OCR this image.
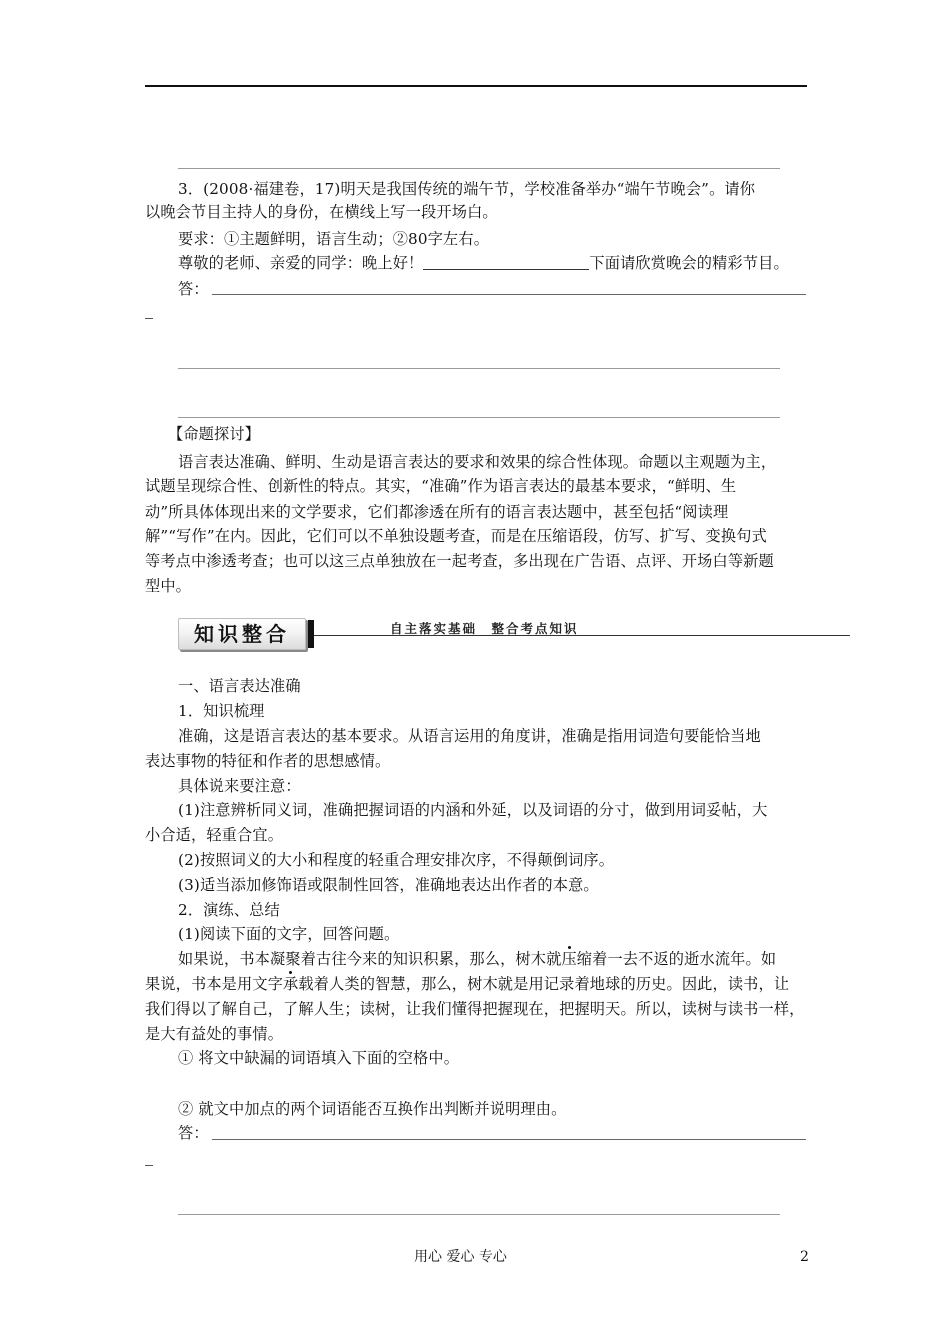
3．(2008·福建卷，17)明天是我国传统的端午节，学校准备举办“端午节晚会”。请你
以晚会节目主持人的身份，在横线上写一段开场白。
要求：①主题鲜明，语言生动；②80字左右。
尊敬的老师、亲爱的同学：晚上好！	下面请欣赏晚会的精彩节目。
答：
【命题探讨】
语言表达准确、鲜明、生动是语言表达的要求和效果的综合性体现。命题以主观题为主，
试题呈现综合性、创新性的特点。其实，“准确”作为语言表达的最基本要求，“鲜明、生
动”所具体体现出来的文学要求，它们都渗透在所有的语言表达题中，甚至包括“阅读理
解”“写作”在内。因此，它们可以不单独设题考查，而是在压缩语段，仿写、扩写、变换句式
等考点中渗透考查；也可以这三点单独放在一起考查，多出现在广告语、点评、开场白等新题
型中。
知识整合	自主落实基础　整合考点知识
一、语言表达准确
1．知识梳理
准确，这是语言表达的基本要求。从语言运用的角度讲，准确是指用词造句要能恰当地
表达事物的特征和作者的思想感情。
具体说来要注意：
(1)注意辨析同义词，准确把握词语的内涵和外延，以及词语的分寸，做到用词妥帖，大
小合适，轻重合宜。
(2)按照词义的大小和程度的轻重合理安排次序，不得颠倒词序。
(3)适当添加修饰语或限制性回答，准确地表达出作者的本意。
2．演练、总结
(1)阅读下面的文字，回答问题。
如果说，书本凝聚着古往今来的知识积累，那么，树木就压缩着一去不返的逝水流年。如
果说，书本是用文字承载着人类的智慧，那么，树木就是用记录着地球的历史。因此，读书，让
我们得以了解自己，了解人生；读树，让我们懂得把握现在，把握明天。所以，读树与读书一样，
是大有益处的事情。
① 将文中缺漏的词语填入下面的空格中。
② 就文中加点的两个词语能否互换作出判断并说明理由。
答：
用心 爱心 专心	2
